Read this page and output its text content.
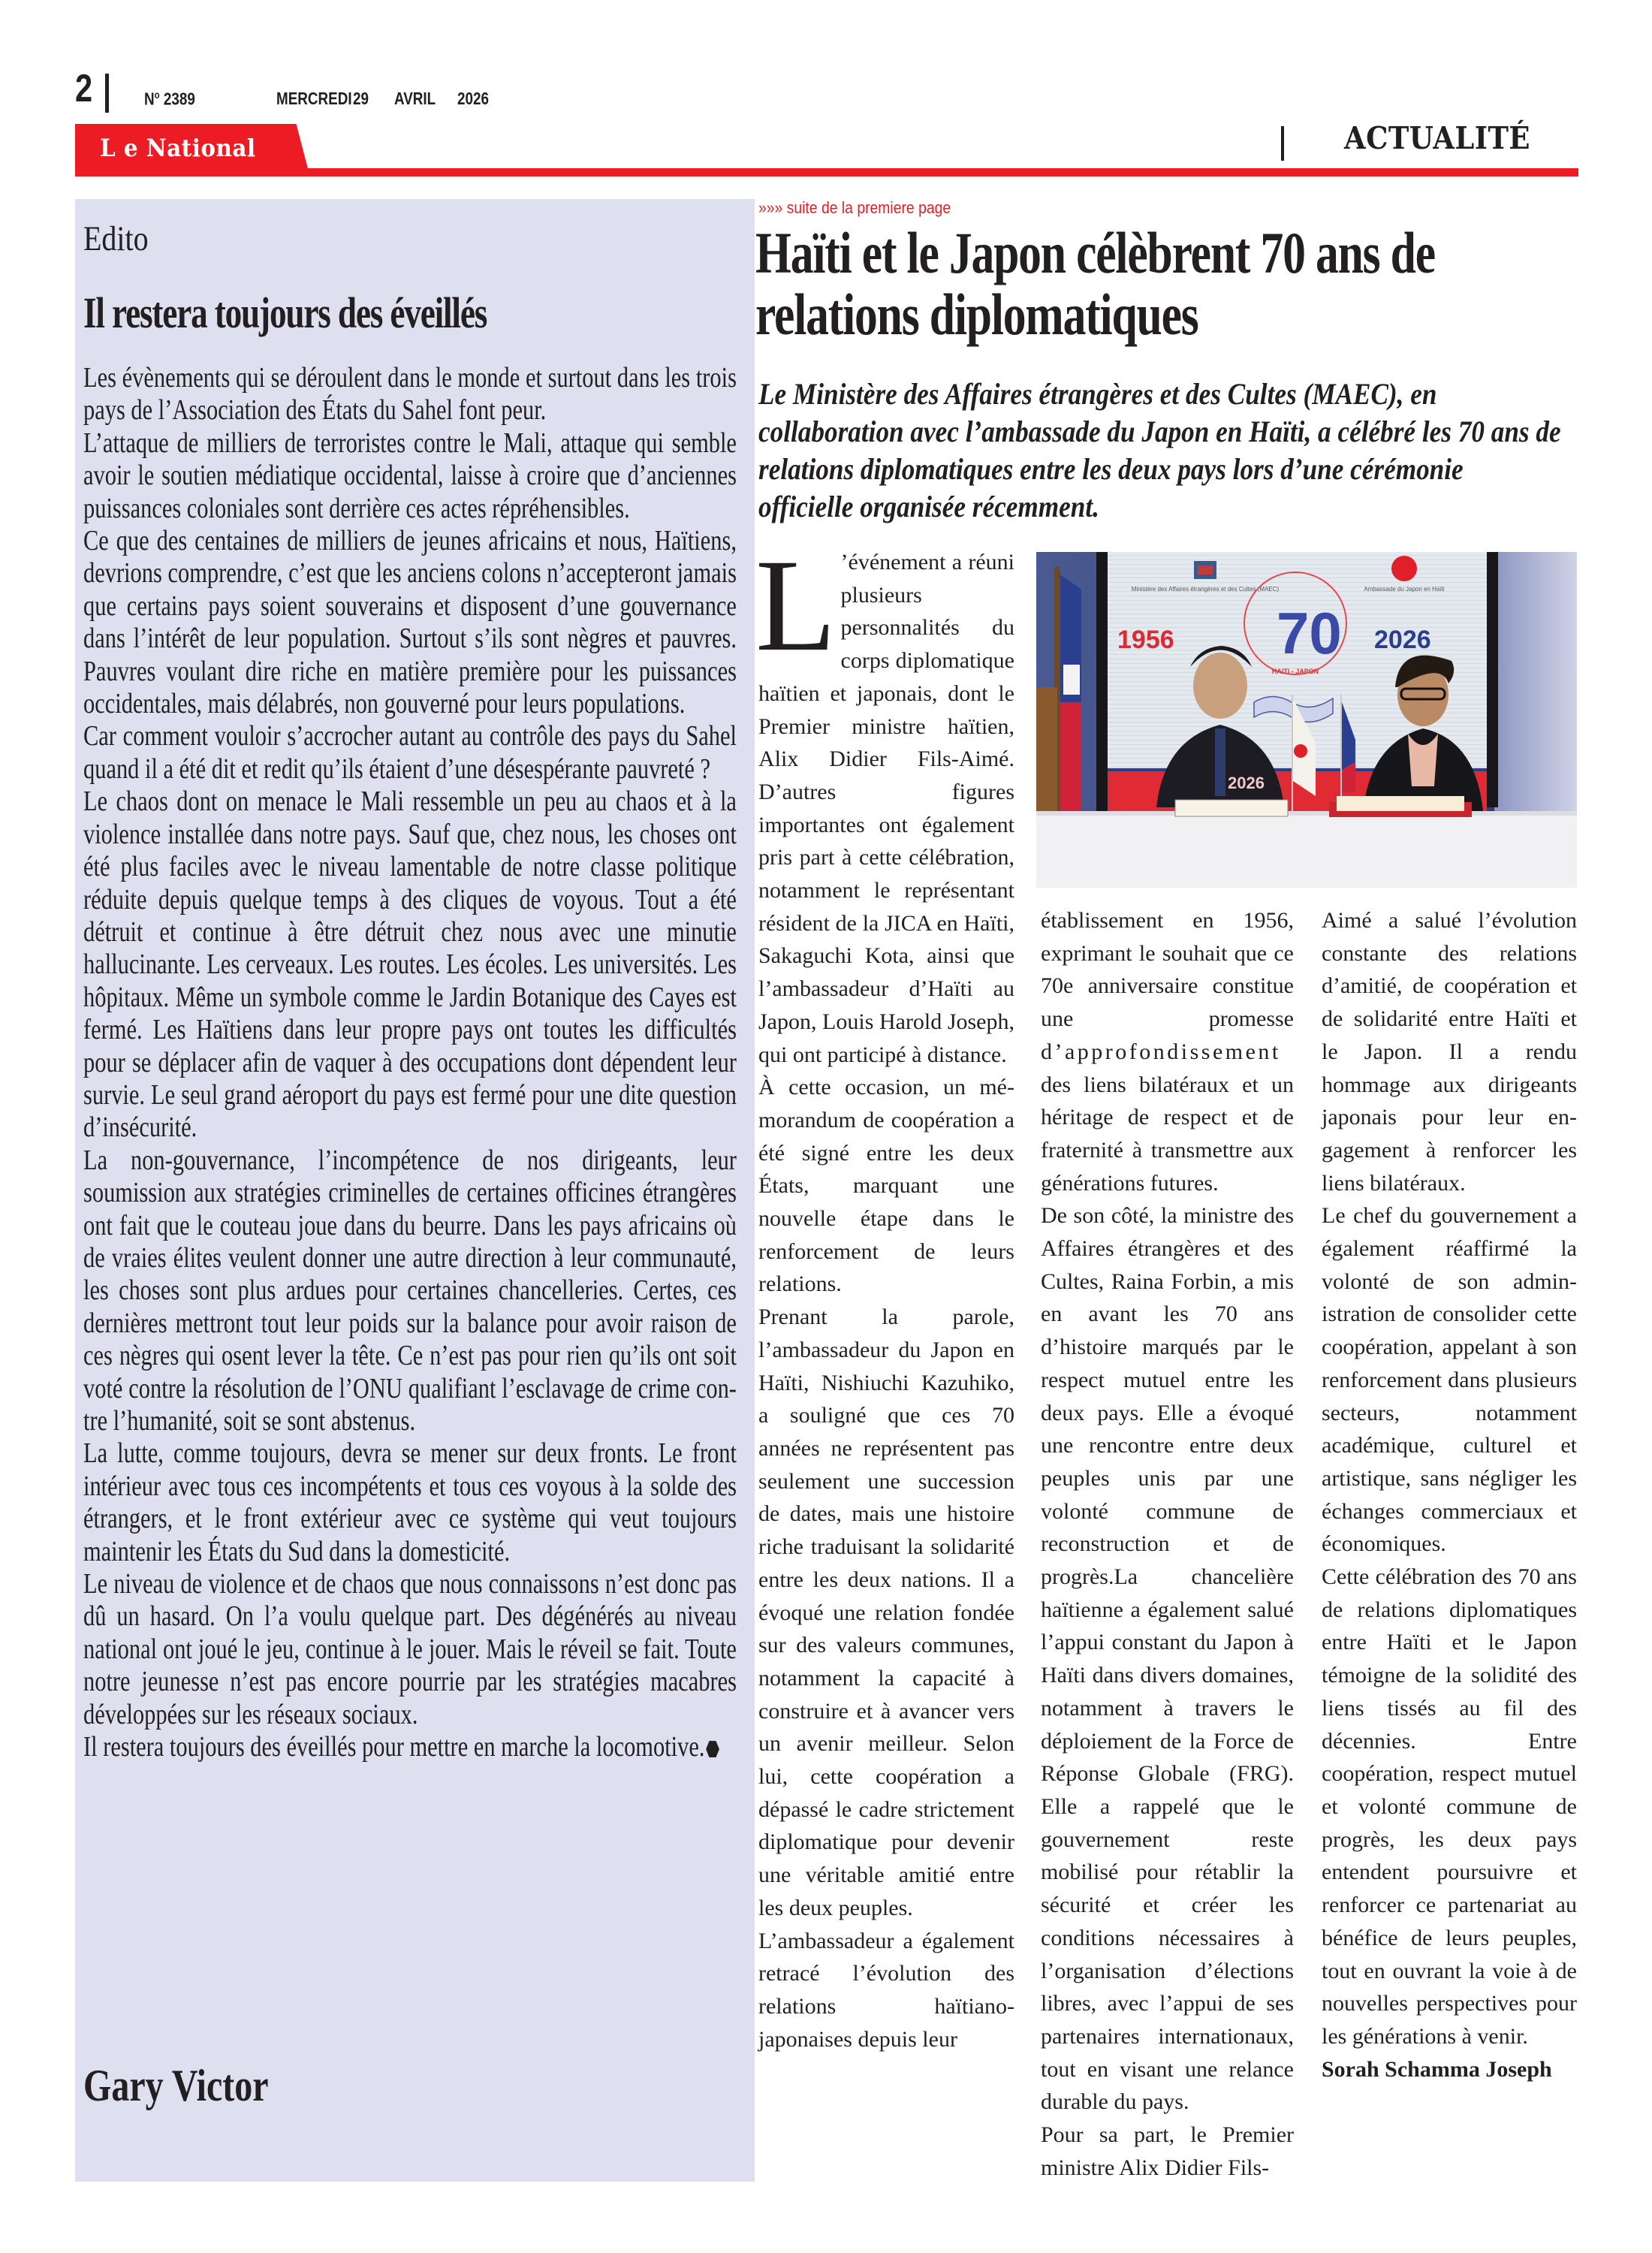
2	$N^o$ 2389	MERCREDI 29 AVRIL 2026
L e National	ACTUALITÉ
Edito
Il restera toujours des éveillés

Les évènements qui se déroulent dans le monde et surtout dans les trois pays de l’Association des États du Sahel font peur.

L’attaque de milliers de terroristes contre le Mali, attaque qui semble avoir le soutien médiatique occidental, laisse à croire que d’anciennes puissances coloniales sont derrière ces actes répréhensibles.

Ce que des centaines de milliers de jeunes africains et nous, Haïtiens, devrions comprendre, c’est que les anciens colons n’accepteront jamais que certains pays soient souverains et disposent d’une gouvernance dans l’intérêt de leur population. Surtout s’ils sont nègres et pauvres. Pauvres voulant dire riche en matière première pour les puissances occidentales, mais délabrés, non gouverné pour leurs populations.

Car comment vouloir s’accrocher autant au contrôle des pays du Sahel quand il a été dit et redit qu’ils étaient d’une désespérante pauvreté ?

Le chaos dont on menace le Mali ressemble un peu au chaos et à la violence installée dans notre pays. Sauf que, chez nous, les choses ont été plus faciles avec le niveau lamentable de notre classe politique réduite depuis quelque temps à des cliques de voyous. Tout a été détruit et continue à être détruit chez nous avec une minutie hallucinante. Les cerveaux. Les routes. Les écoles. Les universités. Les hôpitaux. Même un symbole comme le Jardin Botanique des Cayes est fermé. Les Haïtiens dans leur propre pays ont toutes les difficultés pour se déplacer afin de vaquer à des occupations dont dépendent leur survie. Le seul grand aéroport du pays est fermé pour une dite question d’insécurité.

La non-gouvernance, l’incompétence de nos dirigeants, leur soumission aux stratégies criminelles de certaines officines étrangères ont fait que le couteau joue dans du beurre. Dans les pays africains où de vraies élites veulent donner une autre direction à leur communauté, les choses sont plus ardues pour certaines chancelleries. Certes, ces dernières mettront tout leur poids sur la balance pour avoir raison de ces nègres qui osent lever la tête. Ce n’est pas pour rien qu’ils ont soit voté contre la résolution de l’ONU qualifiant l’esclavage de crime contre l’humanité, soit se sont abstenus.

La lutte, comme toujours, devra se mener sur deux fronts. Le front intérieur avec tous ces incompétents et tous ces voyous à la solde des étrangers, et le front extérieur avec ce système qui veut toujours maintenir les États du Sud dans la domesticité.

Le niveau de violence et de chaos que nous connaissons n’est donc pas dû un hasard. On l’a voulu quelque part. Des dégénérés au niveau national ont joué le jeu, continue à le jouer. Mais le réveil se fait. Toute notre jeunesse n’est pas encore pourrie par les stratégies macabres développées sur les réseaux sociaux.

Il restera toujours des éveillés pour mettre en marche la locomotive.

Gary Victor
»»» suite de la premiere page
Haïti et le Japon célèbrent 70 ans de relations diplomatiques
Le Ministère des Affaires étrangères et des Cultes (MAEC), en collaboration avec l’ambassade du Japon en Haïti, a célébré les 70 ans de relations diplomatiques entre les deux pays lors d’une cérémonie officielle organisée récemment.

L ’événement a réuni plusieurs personnalités du corps diplomatique haïtien et japonais, dont le Premier ministre haïtien, Alix Didier Fils-Aimé. D’autres figures importantes ont également pris part à cette célébration, notamment le représentant résident de la JICA en Haïti, Sakaguchi Kota, ainsi que l’ambassadeur d’Haïti au Japon, Louis Harold Joseph, qui ont participé à distance.

À cette occasion, un mémorandum de coopération a été signé entre les deux États, marquant une nouvelle étape dans le renforcement de leurs relations.

Prenant la parole, l’ambassadeur du Japon en Haïti, Nishiuchi Kazuhiko, a souligné que ces 70 années ne représentent pas seulement une succession de dates, mais une histoire riche traduisant la solidarité entre les deux nations. Il a évoqué une relation fondée sur des valeurs communes, notamment la capacité à construire et à avancer vers un avenir meilleur. Selon lui, cette coopération a dépassé le cadre strictement diplomatique pour devenir une véritable amitié entre les deux peuples.

L’ambassadeur a également retracé l’évolution des relations haïtiano-japonaises depuis leur

Ministère des Affaires étrangères et des Cultes (MAEC)	Ambassade du Japon en Haïti
70
HAITI - JAPON
1956	2026
2026

établissement en 1956, exprimant le souhait que ce 70e anniversaire constitue une promesse d’approfondissement des liens bilatéraux et un héritage de respect et de fraternité à transmettre aux générations futures.

De son côté, la ministre des Affaires étrangères et des Cultes, Raina Forbin, a mis en avant les 70 ans d’histoire marqués par le respect mutuel entre les deux pays. Elle a évoqué une rencontre entre deux peuples unis par une volonté commune de reconstruction et de progrès.La chancelière haïtienne a également salué l’appui constant du Japon à Haïti dans divers domaines, notamment à travers le déploiement de la Force de Réponse Globale (FRG). Elle a rappelé que le gouvernement reste mobilisé pour rétablir la sécurité et créer les conditions nécessaires à l’organisation d’élections libres, avec l’appui de ses partenaires internationaux, tout en visant une relance durable du pays.

Pour sa part, le Premier ministre Alix Didier Fils-

Aimé a salué l’évolution constante des relations d’amitié, de coopération et de solidarité entre Haïti et le Japon. Il a rendu hommage aux dirigeants japonais pour leur engagement à renforcer les liens bilatéraux.

Le chef du gouvernement a également réaffirmé la volonté de son administration de consolider cette coopération, appelant à son renforcement dans plusieurs secteurs, notamment académique, culturel et artistique, sans négliger les échanges commerciaux et économiques.

Cette célébration des 70 ans de relations diplomatiques entre Haïti et le Japon témoigne de la solidité des liens tissés au fil des décennies. Entre coopération, respect mutuel et volonté commune de progrès, les deux pays entendent poursuivre et renforcer ce partenariat au bénéfice de leurs peuples, tout en ouvrant la voie à de nouvelles perspectives pour les générations à venir.

Sorah Schamma Joseph
